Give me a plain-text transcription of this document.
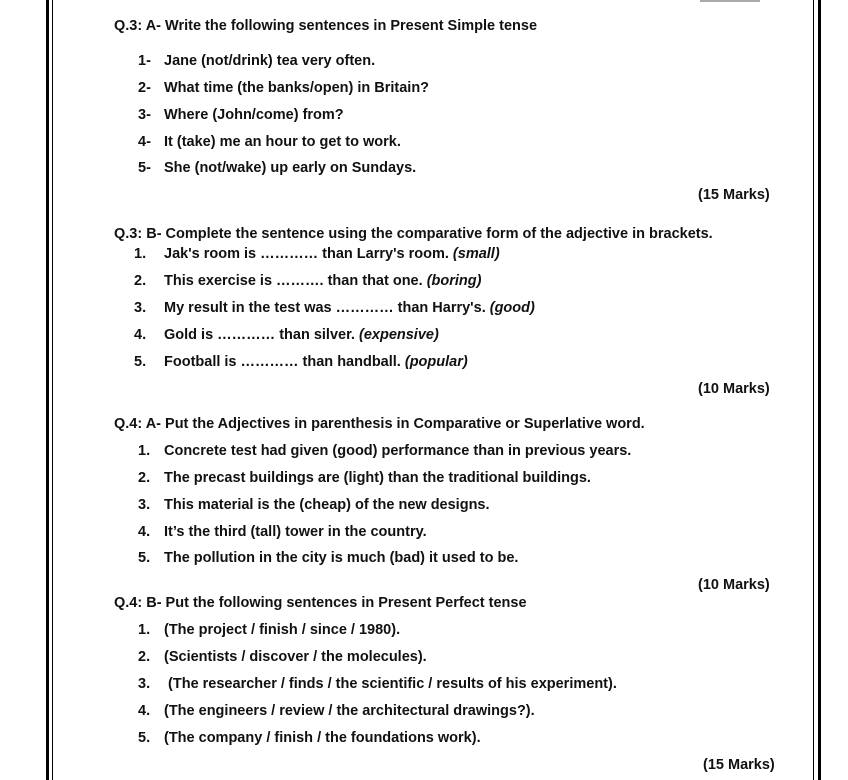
Q.3: A- Write the following sentences in Present Simple tense
1- Jane (not/drink) tea very often.
2- What time (the banks/open) in Britain?
3- Where (John/come) from?
4- It (take) me an hour to get to work.
5- She (not/wake) up early on Sundays.
(15 Marks)
Q.3: B- Complete the sentence using the comparative form of the adjective in brackets.
1.	Jak's room is ………… than Larry's room. (small)
2.	This exercise is ………. than that one. (boring)
3.	My result in the test was ………… than Harry's. (good)
4.	Gold is ………… than silver. (expensive)
5.	Football is ………… than handball. (popular)
(10 Marks)
Q.4: A- Put the Adjectives in parenthesis in Comparative or Superlative word.
1. Concrete test had given (good) performance than in previous years.
2. The precast buildings are (light) than the traditional buildings.
3. This material is the (cheap) of the new designs.
4. It’s the third (tall) tower in the country.
5. The pollution in the city is much (bad) it used to be.
(10 Marks)
Q.4: B- Put the following sentences in Present Perfect tense
1. (The project / finish / since / 1980).
2. (Scientists / discover / the molecules).
3. (The researcher / finds / the scientific / results of his experiment).
4. (The engineers / review / the architectural drawings?).
5. (The company / finish / the foundations work).
(15 Marks)
